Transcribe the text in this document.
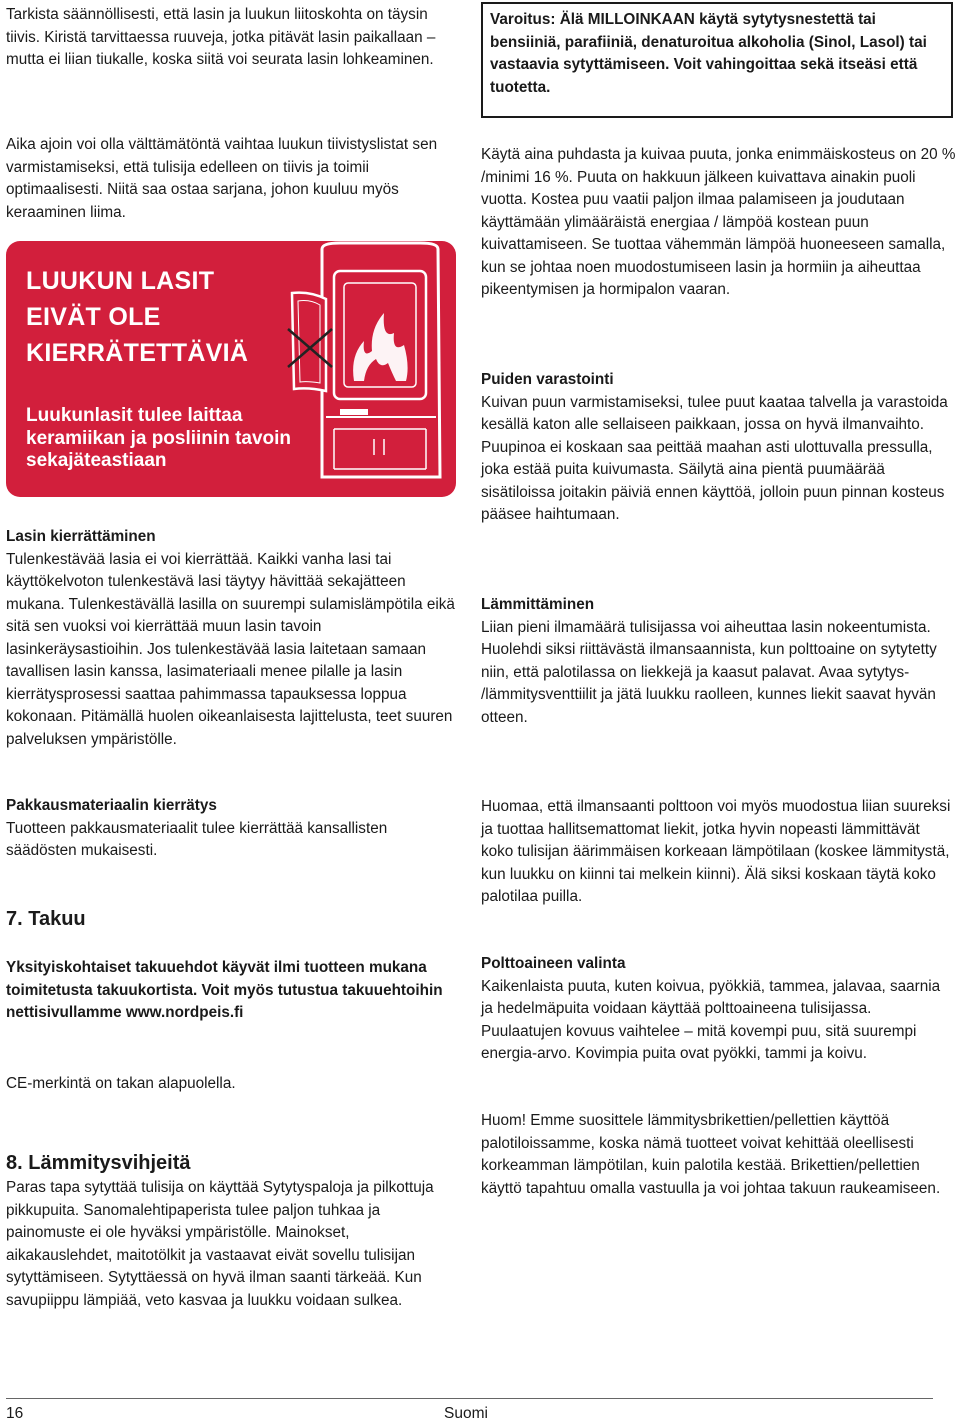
Tarkista säännöllisesti, että lasin ja luukun liitoskohta on täysin tiivis. Kiristä tarvittaessa ruuveja, jotka pitävät lasin paikallaan – mutta ei liian tiukalle, koska siitä voi seurata lasin lohkeaminen.

Aika ajoin voi olla välttämätöntä vaihtaa luukun tiivistyslistat sen varmistamiseksi, että tulisija edelleen on tiivis ja toimii optimaalisesti. Niitä saa ostaa sarjana, johon kuuluu myös keraaminen liima.

LUUKUN LASIT

EIVÄT OLE

KIERRÄTETTÄVIÄ

Luukunlasit tulee laittaa keramiikan ja posliinin tavoin sekajäteastiaan

Lasin kierrättäminen
Tulenkestävää lasia ei voi kierrättää. Kaikki vanha lasi tai käyttökelvoton tulenkestävä lasi täytyy hävittää sekajätteen mukana. Tulenkestävällä lasilla on suurempi sulamislämpötila eikä sitä sen vuoksi voi kierrättää muun lasin tavoin lasinkeräysastioihin. Jos tulenkestävää lasia laitetaan samaan tavallisen lasin kanssa, lasimateriaali menee pilalle ja lasin kierrätysprosessi saattaa pahimmassa tapauksessa loppua kokonaan. Pitämällä huolen oikeanlaisesta lajittelusta, teet suuren palveluksen ympäristölle.

Pakkausmateriaalin kierrätys
Tuotteen pakkausmateriaalit tulee kierrättää kansallisten säädösten mukaisesti.

7. Takuu

Yksityiskohtaiset takuuehdot käyvät ilmi tuotteen mukana toimitetusta takuukortista. Voit myös tutustua takuuehtoihin nettisivullamme www.nordpeis.fi

CE-merkintä on takan alapuolella.

8. Lämmitysvihjeitä

Paras tapa sytyttää tulisija on käyttää Sytytyspaloja ja pilkottuja pikkupuita. Sanomalehtipaperista tulee paljon tuhkaa ja painomuste ei ole hyväksi ympäristölle. Mainokset, aikakauslehdet, maitotölkit ja vastaavat eivät sovellu tulisijan sytyttämiseen. Sytyttäessä on hyvä ilman saanti tärkeää. Kun savupiippu lämpiää, veto kasvaa ja luukku voidaan sulkea.

Varoitus: Älä MILLOINKAAN käytä sytytysnestettä tai bensiiniä, parafiiniä, denaturoitua alkoholia (Sinol, Lasol) tai vastaavia sytyttämiseen. Voit vahingoittaa sekä itseäsi että tuotetta.

Käytä aina puhdasta ja kuivaa puuta, jonka enimmäiskosteus on 20 % /minimi 16 %. Puuta on hakkuun jälkeen kuivattava ainakin puoli vuotta. Kostea puu vaatii paljon ilmaa palamiseen ja joudutaan käyttämään ylimääräistä energiaa / lämpöä kostean puun kuivattamiseen. Se tuottaa vähemmän lämpöä huoneeseen samalla, kun se johtaa noen muodostumiseen lasin ja hormiin ja aiheuttaa pikeentymisen ja hormipalon vaaran.

Puiden varastointi
Kuivan puun varmistamiseksi, tulee puut kaataa talvella ja varastoida kesällä katon alle sellaiseen paikkaan, jossa on hyvä ilmanvaihto. Puupinoa ei koskaan saa peittää maahan asti ulottuvalla pressulla, joka estää puita kuivumasta. Säilytä aina pientä puumäärää sisätiloissa joitakin päiviä ennen käyttöä, jolloin puun pinnan kosteus pääsee haihtumaan.

Lämmittäminen
Liian pieni ilmamäärä tulisijassa voi aiheuttaa lasin nokeentumista. Huolehdi siksi riittävästä ilmansaannista, kun polttoaine on sytytetty niin, että palotilassa on liekkejä ja kaasut palavat. Avaa sytytys- /lämmitysventtiilit ja jätä luukku raolleen, kunnes liekit saavat hyvän otteen.

Huomaa, että ilmansaanti polttoon voi myös muodostua liian suureksi ja tuottaa hallitsemattomat liekit, jotka hyvin nopeasti lämmittävät koko tulisijan äärimmäisen korkeaan lämpötilaan (koskee lämmitystä, kun luukku on kiinni tai melkein kiinni). Älä siksi koskaan täytä koko palotilaa puilla.

Polttoaineen valinta
Kaikenlaista puuta, kuten koivua, pyökkiä, tammea, jalavaa, saarnia ja hedelmäpuita voidaan käyttää polttoaineena tulisijassa. Puulaatujen kovuus vaihtelee – mitä kovempi puu, sitä suurempi energia-arvo. Kovimpia puita ovat pyökki, tammi ja koivu.

Huom! Emme suosittele lämmitysbrikettien/pellettien käyttöä palotiloissamme, koska nämä tuotteet voivat kehittää oleellisesti korkeamman lämpötilan, kuin palotila kestää. Brikettien/pellettien käyttö tapahtuu omalla vastuulla ja voi johtaa takuun raukeamiseen.

16	Suomi
